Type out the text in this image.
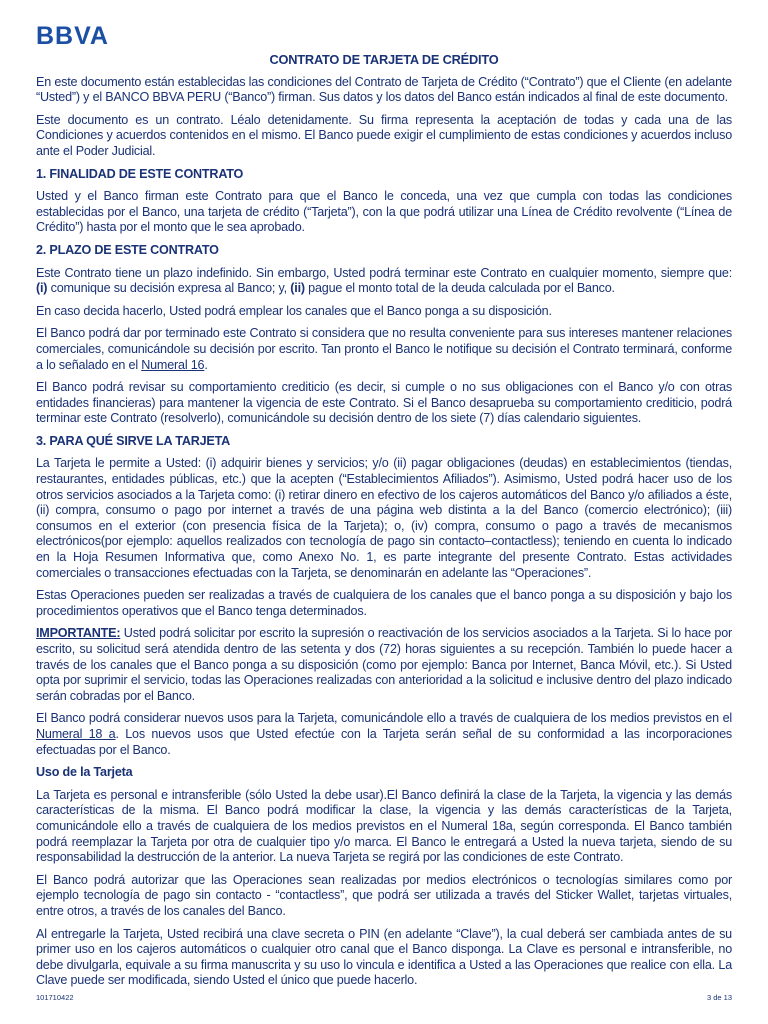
BBVA
CONTRATO DE TARJETA DE CRÉDITO

En este documento están establecidas las condiciones del Contrato de Tarjeta de Crédito (“Contrato”) que el Cliente (en adelante “Usted”) y el BANCO BBVA PERU (“Banco”) firman. Sus datos y los datos del Banco están indicados al final de este documento.

Este documento es un contrato. Léalo detenidamente. Su firma representa la aceptación de todas y cada una de las Condiciones y acuerdos contenidos en el mismo. El Banco puede exigir el cumplimiento de estas condiciones y acuerdos incluso ante el Poder Judicial.

1. FINALIDAD DE ESTE CONTRATO

Usted y el Banco firman este Contrato para que el Banco le conceda, una vez que cumpla con todas las condiciones establecidas por el Banco, una tarjeta de crédito (“Tarjeta”), con la que podrá utilizar una Línea de Crédito revolvente (“Línea de Crédito”) hasta por el monto que le sea aprobado.

2. PLAZO DE ESTE CONTRATO

Este Contrato tiene un plazo indefinido. Sin embargo, Usted podrá terminar este Contrato en cualquier momento, siempre que: (i) comunique su decisión expresa al Banco; y, (ii) pague el monto total de la deuda calculada por el Banco.

En caso decida hacerlo, Usted podrá emplear los canales que el Banco ponga a su disposición.

El Banco podrá dar por terminado este Contrato si considera que no resulta conveniente para sus intereses mantener relaciones comerciales, comunicándole su decisión por escrito. Tan pronto el Banco le notifique su decisión el Contrato terminará, conforme a lo señalado en el Numeral 16.

El Banco podrá revisar su comportamiento crediticio (es decir, si cumple o no sus obligaciones con el Banco y/o con otras entidades financieras) para mantener la vigencia de este Contrato. Si el Banco desaprueba su comportamiento crediticio, podrá terminar este Contrato (resolverlo), comunicándole su decisión dentro de los siete (7) días calendario siguientes.

3. PARA QUÉ SIRVE LA TARJETA

La Tarjeta le permite a Usted: (i) adquirir bienes y servicios; y/o (ii) pagar obligaciones (deudas) en establecimientos (tiendas, restaurantes, entidades públicas, etc.) que la acepten (“Establecimientos Afiliados”). Asimismo, Usted podrá hacer uso de los otros servicios asociados a la Tarjeta como: (i) retirar dinero en efectivo de los cajeros automáticos del Banco y/o afiliados a éste, (ii) compra, consumo o pago por internet a través de una página web distinta a la del Banco (comercio electrónico); (iii) consumos en el exterior (con presencia física de la Tarjeta); o, (iv) compra, consumo o pago a través de mecanismos electrónicos(por ejemplo: aquellos realizados con tecnología de pago sin contacto–contactless); teniendo en cuenta lo indicado en la Hoja Resumen Informativa que, como Anexo No. 1, es parte integrante del presente Contrato. Estas actividades comerciales o transacciones efectuadas con la Tarjeta, se denominarán en adelante las “Operaciones”.

Estas Operaciones pueden ser realizadas a través de cualquiera de los canales que el banco ponga a su disposición y bajo los procedimientos operativos que el Banco tenga determinados.

IMPORTANTE: Usted podrá solicitar por escrito la supresión o reactivación de los servicios asociados a la Tarjeta. Si lo hace por escrito, su solicitud será atendida dentro de las setenta y dos (72) horas siguientes a su recepción. También lo puede hacer a través de los canales que el Banco ponga a su disposición (como por ejemplo: Banca por Internet, Banca Móvil, etc.). Si Usted opta por suprimir el servicio, todas las Operaciones realizadas con anterioridad a la solicitud e inclusive dentro del plazo indicado serán cobradas por el Banco.

El Banco podrá considerar nuevos usos para la Tarjeta, comunicándole ello a través de cualquiera de los medios previstos en el Numeral 18 a. Los nuevos usos que Usted efectúe con la Tarjeta serán señal de su conformidad a las incorporaciones efectuadas por el Banco.

Uso de la Tarjeta

La Tarjeta es personal e intransferible (sólo Usted la debe usar).El Banco definirá la clase de la Tarjeta, la vigencia y las demás características de la misma. El Banco podrá modificar la clase, la vigencia y las demás características de la Tarjeta, comunicándole ello a través de cualquiera de los medios previstos en el Numeral 18a, según corresponda. El Banco también podrá reemplazar la Tarjeta por otra de cualquier tipo y/o marca. El Banco le entregará a Usted la nueva tarjeta, siendo de su responsabilidad la destrucción de la anterior. La nueva Tarjeta se regirá por las condiciones de este Contrato.

El Banco podrá autorizar que las Operaciones sean realizadas por medios electrónicos o tecnologías similares como por ejemplo tecnología de pago sin contacto - “contactless”, que podrá ser utilizada a través del Sticker Wallet, tarjetas virtuales, entre otros, a través de los canales del Banco.

Al entregarle la Tarjeta, Usted recibirá una clave secreta o PIN (en adelante “Clave”), la cual deberá ser cambiada antes de su primer uso en los cajeros automáticos o cualquier otro canal que el Banco disponga. La Clave es personal e intransferible, no debe divulgarla, equivale a su firma manuscrita y su uso lo vincula e identifica a Usted a las Operaciones que realice con ella. La Clave puede ser modificada, siendo Usted el único que puede hacerlo.

101710422	3 de 13
